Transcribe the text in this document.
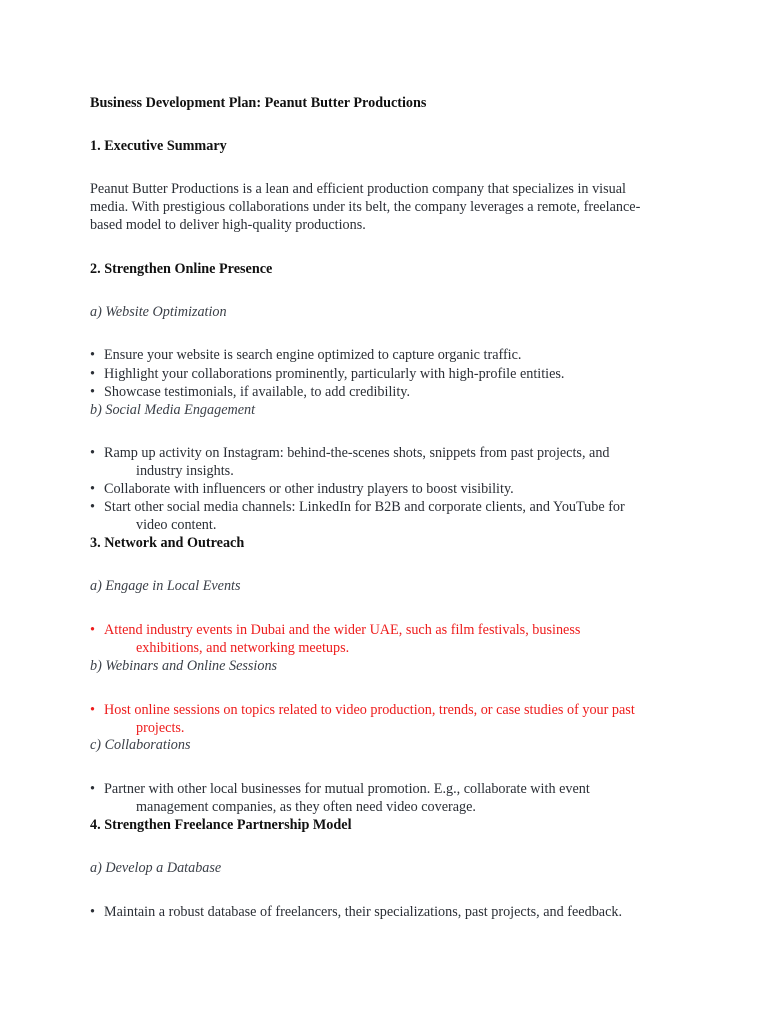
Business Development Plan: Peanut Butter Productions
1. Executive Summary
Peanut Butter Productions is a lean and efficient production company that specializes in visual
media. With prestigious collaborations under its belt, the company leverages a remote, freelance-
based model to deliver high-quality productions.
2. Strengthen Online Presence
a) Website Optimization
• Ensure your website is search engine optimized to capture organic traffic.
• Highlight your collaborations prominently, particularly with high-profile entities.
• Showcase testimonials, if available, to add credibility.
b) Social Media Engagement
• Ramp up activity on Instagram: behind-the-scenes shots, snippets from past projects, and
industry insights.
• Collaborate with influencers or other industry players to boost visibility.
• Start other social media channels: LinkedIn for B2B and corporate clients, and YouTube for
video content.
3. Network and Outreach
a) Engage in Local Events
• Attend industry events in Dubai and the wider UAE, such as film festivals, business
exhibitions, and networking meetups.
b) Webinars and Online Sessions
• Host online sessions on topics related to video production, trends, or case studies of your past
projects.
c) Collaborations
• Partner with other local businesses for mutual promotion. E.g., collaborate with event
management companies, as they often need video coverage.
4. Strengthen Freelance Partnership Model
a) Develop a Database
• Maintain a robust database of freelancers, their specializations, past projects, and feedback.
